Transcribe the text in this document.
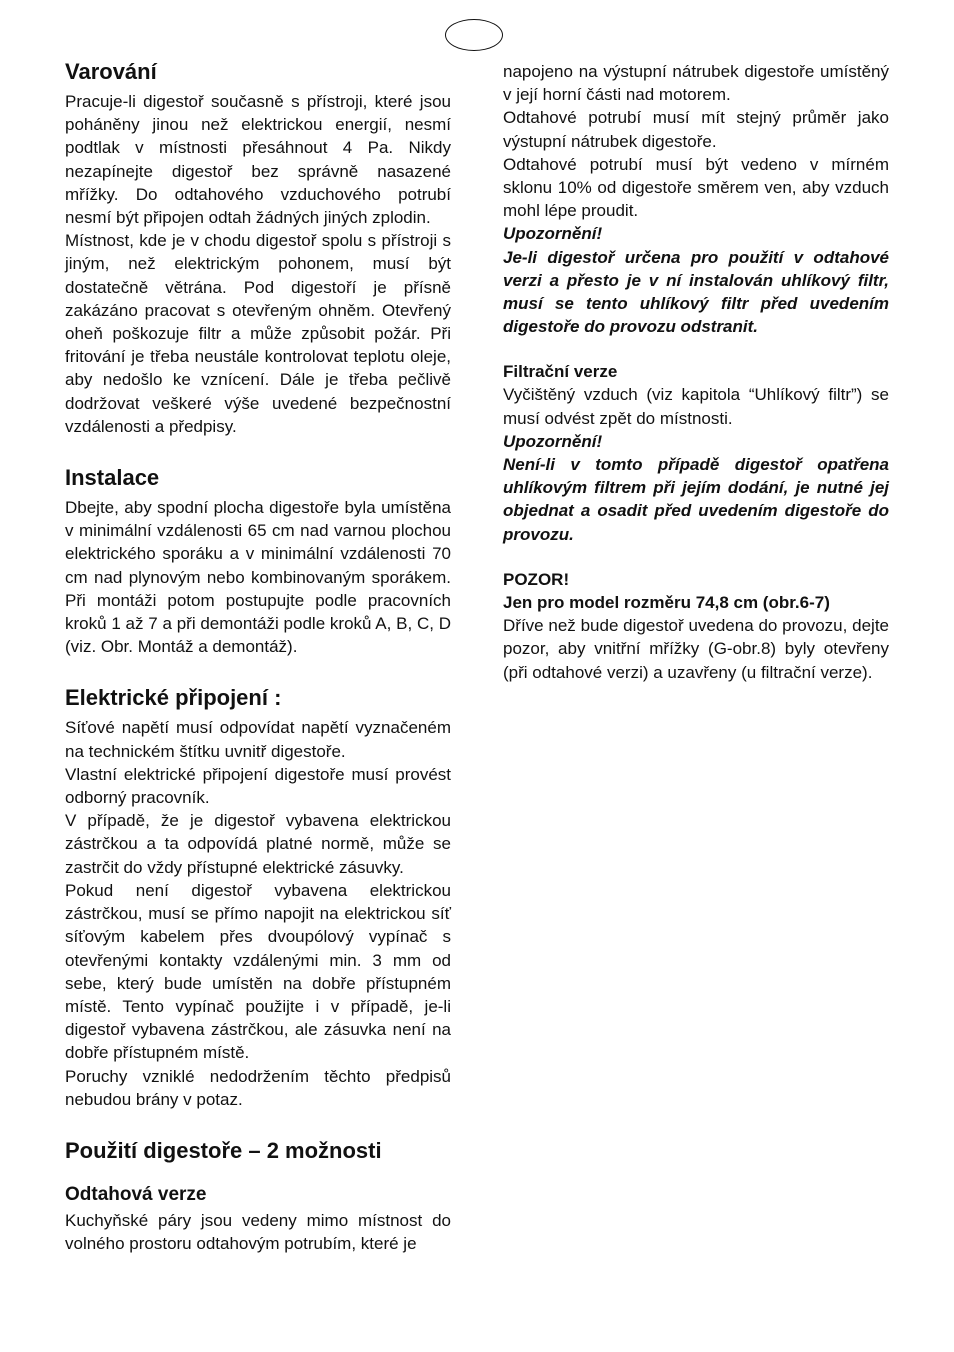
Varování

Pracuje-li digestoř současně s přístroji, které jsou poháněny jinou než elektrickou energií, nesmí podtlak v místnosti přesáhnout 4 Pa. Nikdy nezapínejte digestoř bez správně nasazené mřížky. Do odtahového vzduchového potrubí nesmí být připojen odtah žádných jiných zplodin.

Místnost, kde je v chodu digestoř spolu s přístroji s jiným, než elektrickým pohonem, musí být dostatečně větrána. Pod digestoří je přísně zakázáno pracovat s otevřeným ohněm. Otevřený oheň poškozuje filtr a může způsobit požár. Při fritování je třeba neustále kontrolovat teplotu oleje, aby nedošlo ke vznícení. Dále je třeba pečlivě dodržovat veškeré výše uvedené bezpečnostní vzdálenosti a předpisy.

Instalace

Dbejte, aby spodní plocha digestoře byla umístěna v minimální vzdálenosti 65 cm nad varnou plochou elektrického sporáku a v minimální vzdálenosti 70 cm nad plynovým nebo kombinovaným sporákem. Při montáži potom postupujte podle pracovních kroků 1 až 7 a při demontáži podle kroků A, B, C, D (viz. Obr. Montáž a demontáž).

Elektrické připojení :

Síťové napětí musí odpovídat napětí vyznačeném na technickém štítku uvnitř digestoře.

Vlastní elektrické připojení digestoře musí provést odborný pracovník.

V případě, že je digestoř vybavena elektrickou zástrčkou a ta odpovídá platné normě, může se zastrčit do vždy přístupné elektrické zásuvky.

Pokud není digestoř vybavena elektrickou zástrčkou, musí se přímo napojit na elektrickou síť síťovým kabelem přes dvoupólový vypínač s otevřenými kontakty vzdálenými min. 3 mm od sebe, který bude umístěn na dobře přístupném místě. Tento vypínač použijte i v případě, je-li digestoř vybavena zástrčkou, ale zásuvka není na dobře přístupném místě.

Poruchy vzniklé nedodržením těchto předpisů nebudou brány v potaz.

Použití digestoře – 2 možnosti
Odtahová verze

Kuchyňské páry jsou vedeny mimo místnost do volného prostoru odtahovým potrubím, které je

napojeno na výstupní nátrubek digestoře umístěný v její horní části nad motorem.

Odtahové potrubí musí mít stejný průměr jako výstupní nátrubek digestoře.

Odtahové potrubí musí být vedeno v mírném sklonu 10% od digestoře směrem ven, aby vzduch mohl lépe proudit.

Upozornění!

Je-li digestoř určena pro použití v odtahové verzi a přesto je v ní instalován uhlíkový filtr, musí se tento uhlíkový filtr před uvedením digestoře do provozu odstranit.

Filtrační verze

Vyčištěný vzduch (viz kapitola “Uhlíkový filtr”) se musí odvést zpět do místnosti.

Upozornění!

Není-li v tomto případě digestoř opatřena uhlíkovým filtrem při jejím dodání, je nutné jej objednat a osadit před uvedením digestoře do provozu.

POZOR!

Jen pro model rozměru 74,8 cm (obr.6-7)

Dříve než bude digestoř uvedena do provozu, dejte pozor, aby vnitřní mřížky (G-obr.8) byly otevřeny (při odtahové verzi) a uzavřeny (u filtrační verze).
